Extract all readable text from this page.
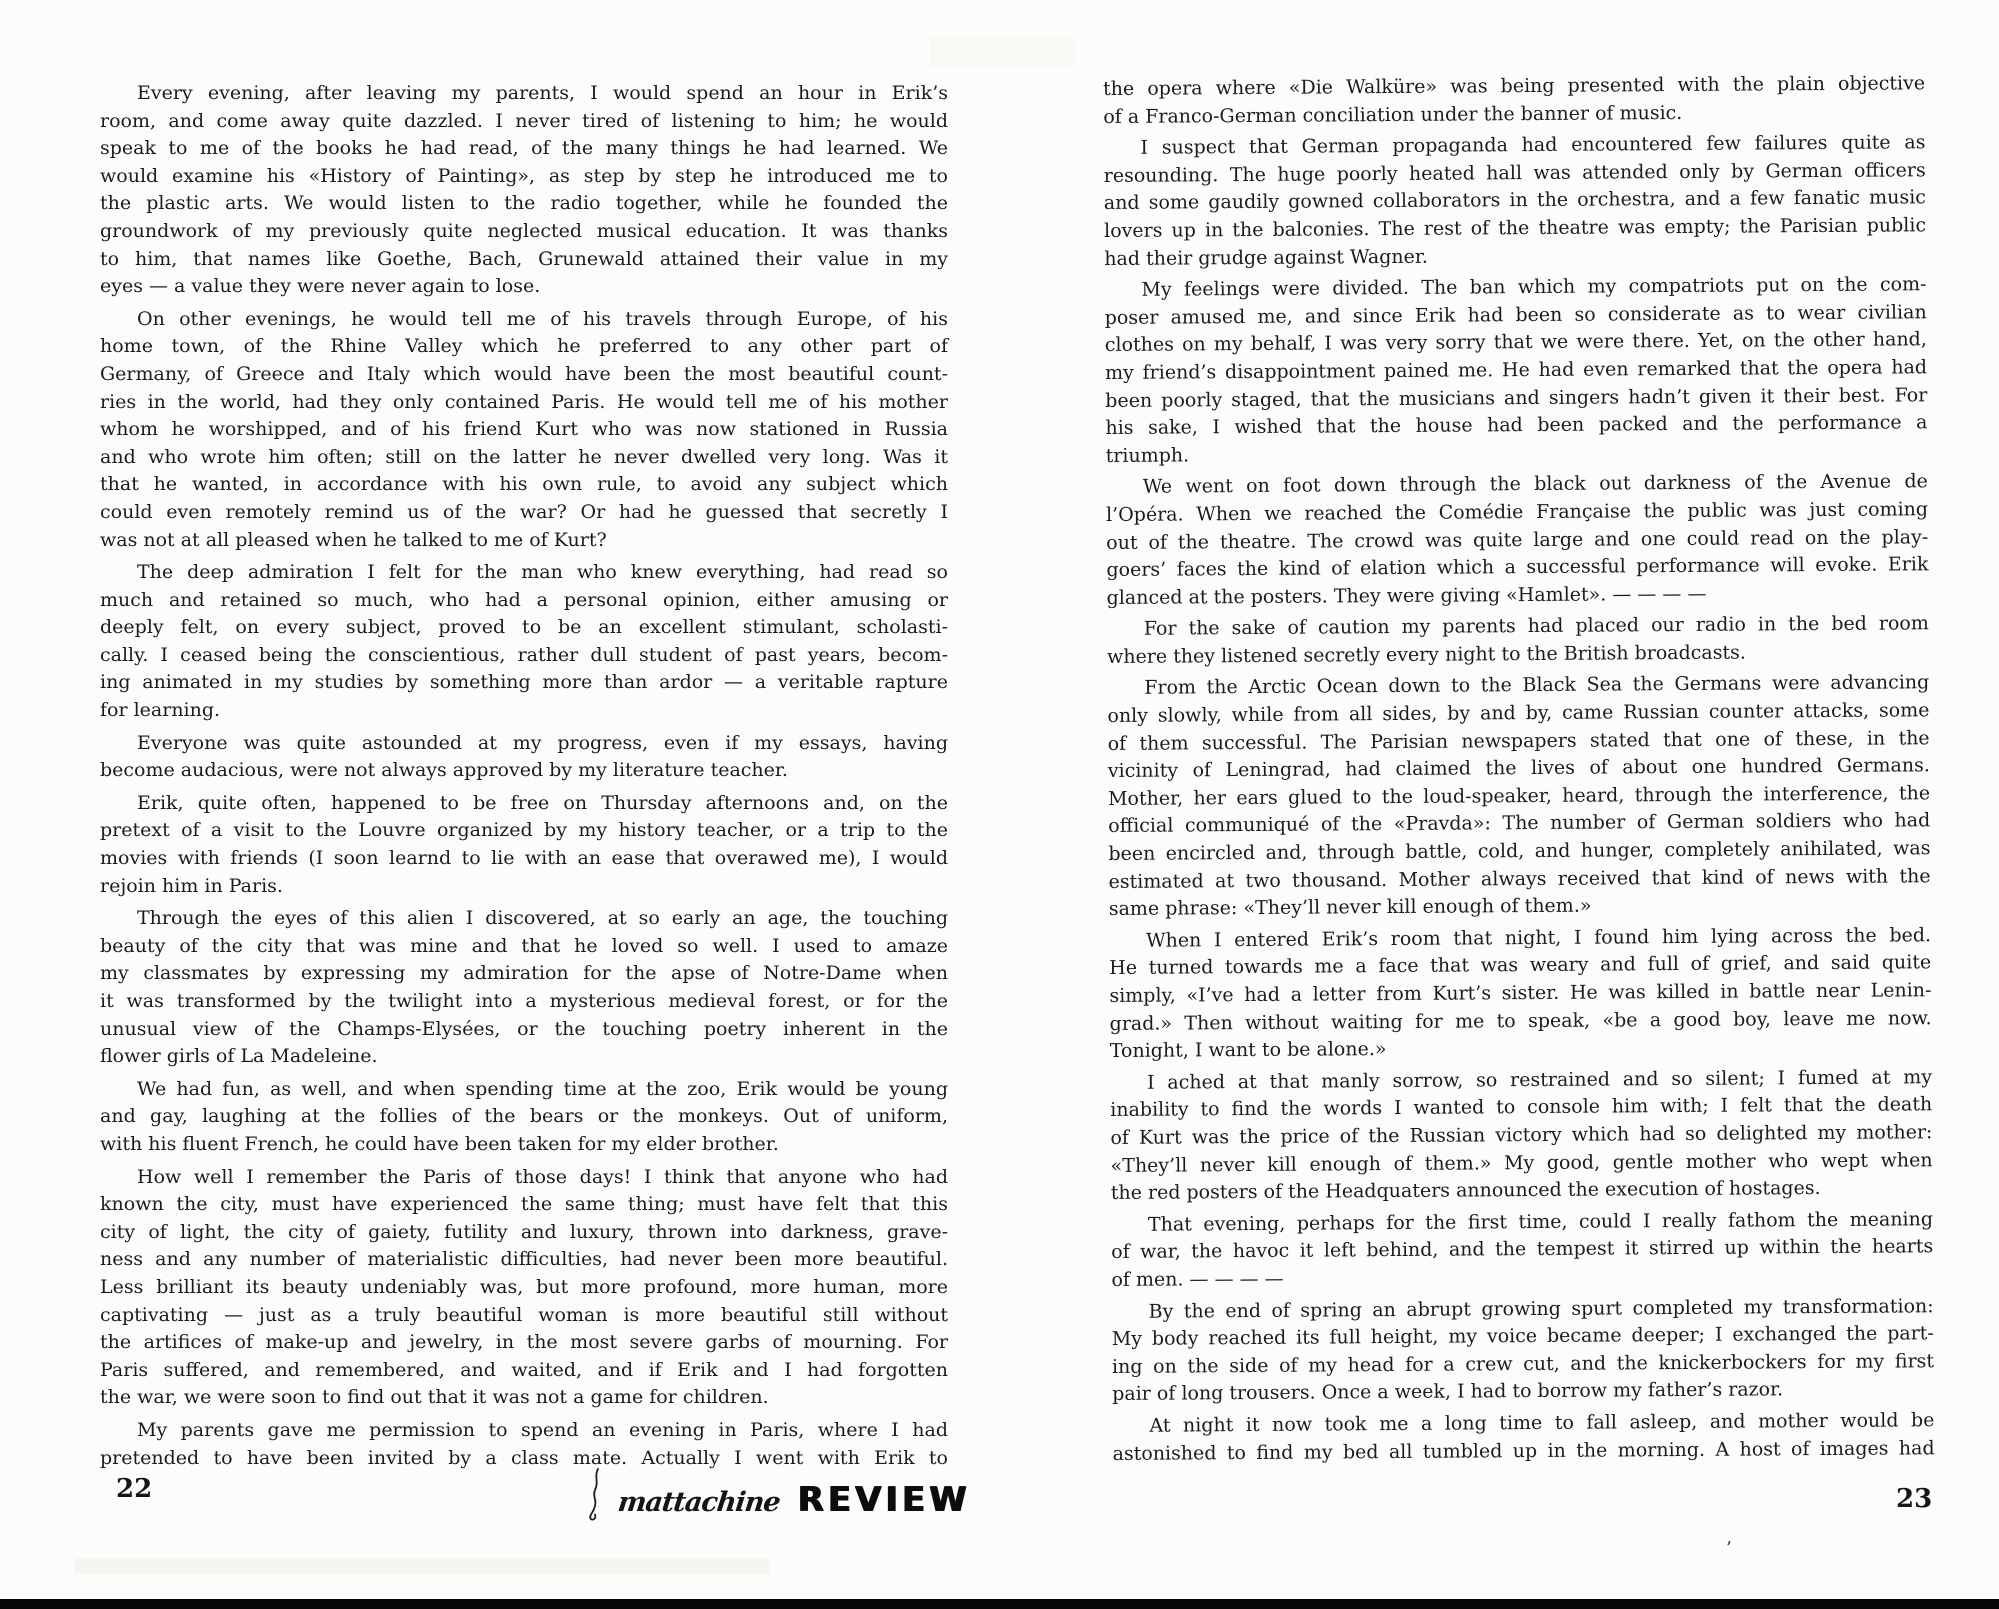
Every evening, after leaving my parents, I would spend an hour in Erik’s
room, and come away quite dazzled. I never tired of listening to him; he would
speak to me of the books he had read, of the many things he had learned. We
would examine his «History of Painting», as step by step he introduced me to
the plastic arts. We would listen to the radio together, while he founded the
groundwork of my previously quite neglected musical education. It was thanks
to him, that names like Goethe, Bach, Grunewald attained their value in my
eyes — a value they were never again to lose.

On other evenings, he would tell me of his travels through Europe, of his
home town, of the Rhine Valley which he preferred to any other part of
Germany, of Greece and Italy which would have been the most beautiful count-
ries in the world, had they only contained Paris. He would tell me of his mother
whom he worshipped, and of his friend Kurt who was now stationed in Russia
and who wrote him often; still on the latter he never dwelled very long. Was it
that he wanted, in accordance with his own rule, to avoid any subject which
could even remotely remind us of the war? Or had he guessed that secretly I
was not at all pleased when he talked to me of Kurt?

The deep admiration I felt for the man who knew everything, had read so
much and retained so much, who had a personal opinion, either amusing or
deeply felt, on every subject, proved to be an excellent stimulant, scholasti-
cally. I ceased being the conscientious, rather dull student of past years, becom-
ing animated in my studies by something more than ardor — a veritable rapture
for learning.

Everyone was quite astounded at my progress, even if my essays, having
become audacious, were not always approved by my literature teacher.

Erik, quite often, happened to be free on Thursday afternoons and, on the
pretext of a visit to the Louvre organized by my history teacher, or a trip to the
movies with friends (I soon learnd to lie with an ease that overawed me), I would
rejoin him in Paris.

Through the eyes of this alien I discovered, at so early an age, the touching
beauty of the city that was mine and that he loved so well. I used to amaze
my classmates by expressing my admiration for the apse of Notre-Dame when
it was transformed by the twilight into a mysterious medieval forest, or for the
unusual view of the Champs-Elysées, or the touching poetry inherent in the
flower girls of La Madeleine.

We had fun, as well, and when spending time at the zoo, Erik would be young
and gay, laughing at the follies of the bears or the monkeys. Out of uniform,
with his fluent French, he could have been taken for my elder brother.

How well I remember the Paris of those days! I think that anyone who had
known the city, must have experienced the same thing; must have felt that this
city of light, the city of gaiety, futility and luxury, thrown into darkness, grave-
ness and any number of materialistic difficulties, had never been more beautiful.
Less brilliant its beauty undeniably was, but more profound, more human, more
captivating — just as a truly beautiful woman is more beautiful still without
the artifices of make-up and jewelry, in the most severe garbs of mourning. For
Paris suffered, and remembered, and waited, and if Erik and I had forgotten
the war, we were soon to find out that it was not a game for children.

My parents gave me permission to spend an evening in Paris, where I had
pretended to have been invited by a class mate. Actually I went with Erik to

the opera where «Die Walküre» was being presented with the plain objective
of a Franco-German conciliation under the banner of music.

I suspect that German propaganda had encountered few failures quite as
resounding. The huge poorly heated hall was attended only by German officers
and some gaudily gowned collaborators in the orchestra, and a few fanatic music
lovers up in the balconies. The rest of the theatre was empty; the Parisian public
had their grudge against Wagner.

My feelings were divided. The ban which my compatriots put on the com-
poser amused me, and since Erik had been so considerate as to wear civilian
clothes on my behalf, I was very sorry that we were there. Yet, on the other hand,
my friend’s disappointment pained me. He had even remarked that the opera had
been poorly staged, that the musicians and singers hadn’t given it their best. For
his sake, I wished that the house had been packed and the performance a
triumph.

We went on foot down through the black out darkness of the Avenue de
l’Opéra. When we reached the Comédie Française the public was just coming
out of the theatre. The crowd was quite large and one could read on the play-
goers’ faces the kind of elation which a successful performance will evoke. Erik
glanced at the posters. They were giving «Hamlet». — — — —

For the sake of caution my parents had placed our radio in the bed room
where they listened secretly every night to the British broadcasts.

From the Arctic Ocean down to the Black Sea the Germans were advancing
only slowly, while from all sides, by and by, came Russian counter attacks, some
of them successful. The Parisian newspapers stated that one of these, in the
vicinity of Leningrad, had claimed the lives of about one hundred Germans.
Mother, her ears glued to the loud-speaker, heard, through the interference, the
official communiqué of the «Pravda»: The number of German soldiers who had
been encircled and, through battle, cold, and hunger, completely anihilated, was
estimated at two thousand. Mother always received that kind of news with the
same phrase: «They’ll never kill enough of them.»

When I entered Erik’s room that night, I found him lying across the bed.
He turned towards me a face that was weary and full of grief, and said quite
simply, «I’ve had a letter from Kurt’s sister. He was killed in battle near Lenin-
grad.» Then without waiting for me to speak, «be a good boy, leave me now.
Tonight, I want to be alone.»

I ached at that manly sorrow, so restrained and so silent; I fumed at my
inability to find the words I wanted to console him with; I felt that the death
of Kurt was the price of the Russian victory which had so delighted my mother:
«They’ll never kill enough of them.» My good, gentle mother who wept when
the red posters of the Headquaters announced the execution of hostages.

That evening, perhaps for the first time, could I really fathom the meaning
of war, the havoc it left behind, and the tempest it stirred up within the hearts
of men. — — — —

By the end of spring an abrupt growing spurt completed my transformation:
My body reached its full height, my voice became deeper; I exchanged the part-
ing on the side of my head for a crew cut, and the knickerbockers for my first
pair of long trousers. Once a week, I had to borrow my father’s razor.

At night it now took me a long time to fall asleep, and mother would be
astonished to find my bed all tumbled up in the morning. A host of images had

22	23
mattachine REVIEW
’
